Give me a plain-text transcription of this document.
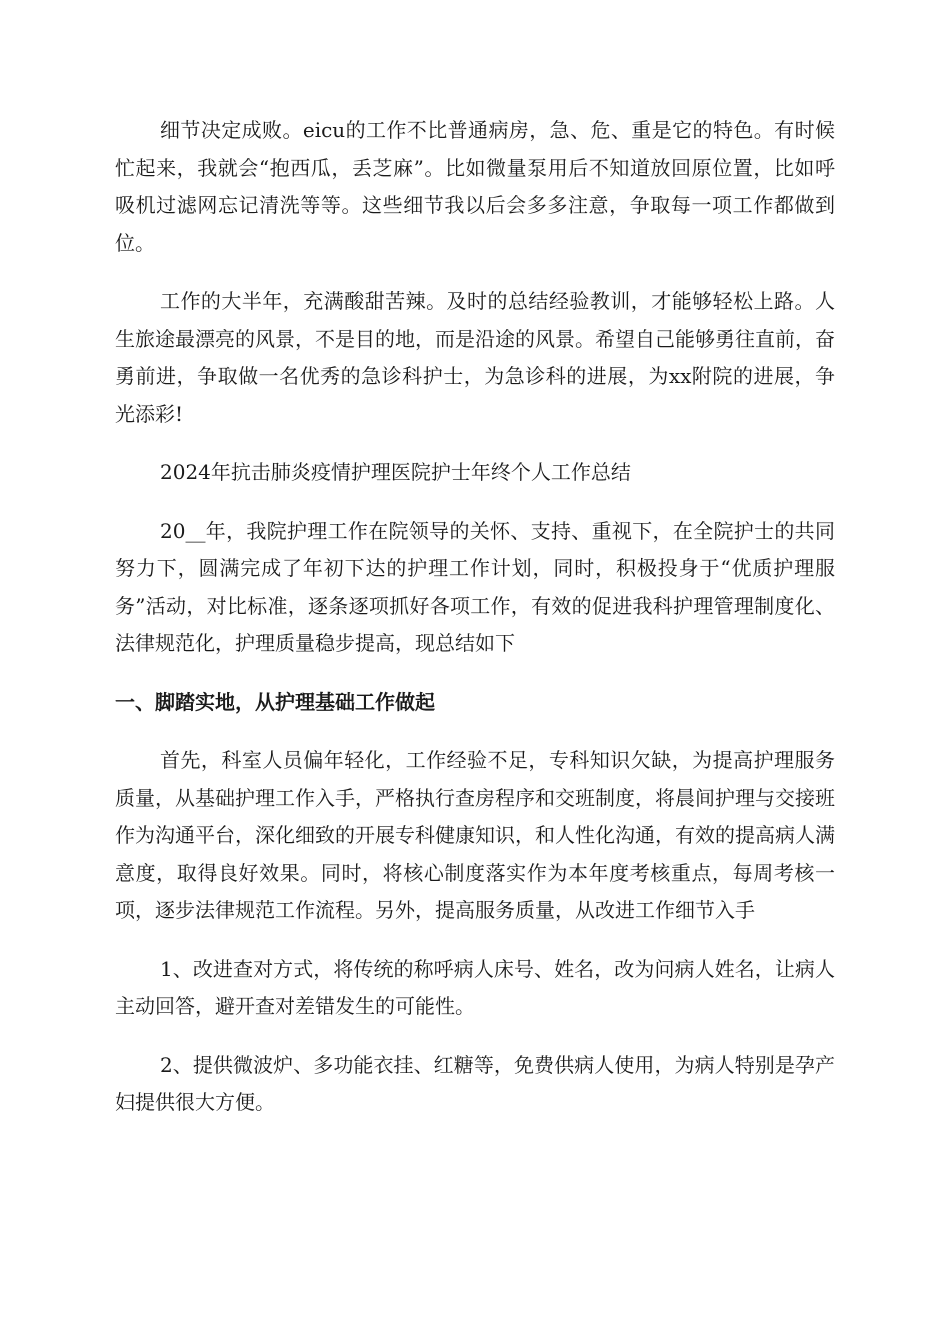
细节决定成败。eicu的工作不比普通病房，急、危、重是它的特色。有时候忙起来，我就会“抱西瓜，丢芝麻”。比如微量泵用后不知道放回原位置，比如呼吸机过滤网忘记清洗等等。这些细节我以后会多多注意，争取每一项工作都做到位。

工作的大半年，充满酸甜苦辣。及时的总结经验教训，才能够轻松上路。人生旅途最漂亮的风景，不是目的地，而是沿途的风景。希望自己能够勇往直前，奋勇前进，争取做一名优秀的急诊科护士，为急诊科的进展，为xx附院的进展，争光添彩!

2024年抗击肺炎疫情护理医院护士年终个人工作总结

20__年，我院护理工作在院领导的关怀、支持、重视下，在全院护士的共同努力下，圆满完成了年初下达的护理工作计划，同时，积极投身于“优质护理服务”活动，对比标准，逐条逐项抓好各项工作，有效的促进我科护理管理制度化、法律规范化，护理质量稳步提高，现总结如下

一、脚踏实地，从护理基础工作做起

首先，科室人员偏年轻化，工作经验不足，专科知识欠缺，为提高护理服务质量，从基础护理工作入手，严格执行查房程序和交班制度，将晨间护理与交接班作为沟通平台，深化细致的开展专科健康知识，和人性化沟通，有效的提高病人满意度，取得良好效果。同时，将核心制度落实作为本年度考核重点，每周考核一项，逐步法律规范工作流程。另外，提高服务质量，从改进工作细节入手

1、改进查对方式，将传统的称呼病人床号、姓名，改为问病人姓名，让病人主动回答，避开查对差错发生的可能性。

2、提供微波炉、多功能衣挂、红糖等，免费供病人使用，为病人特别是孕产妇提供很大方便。
